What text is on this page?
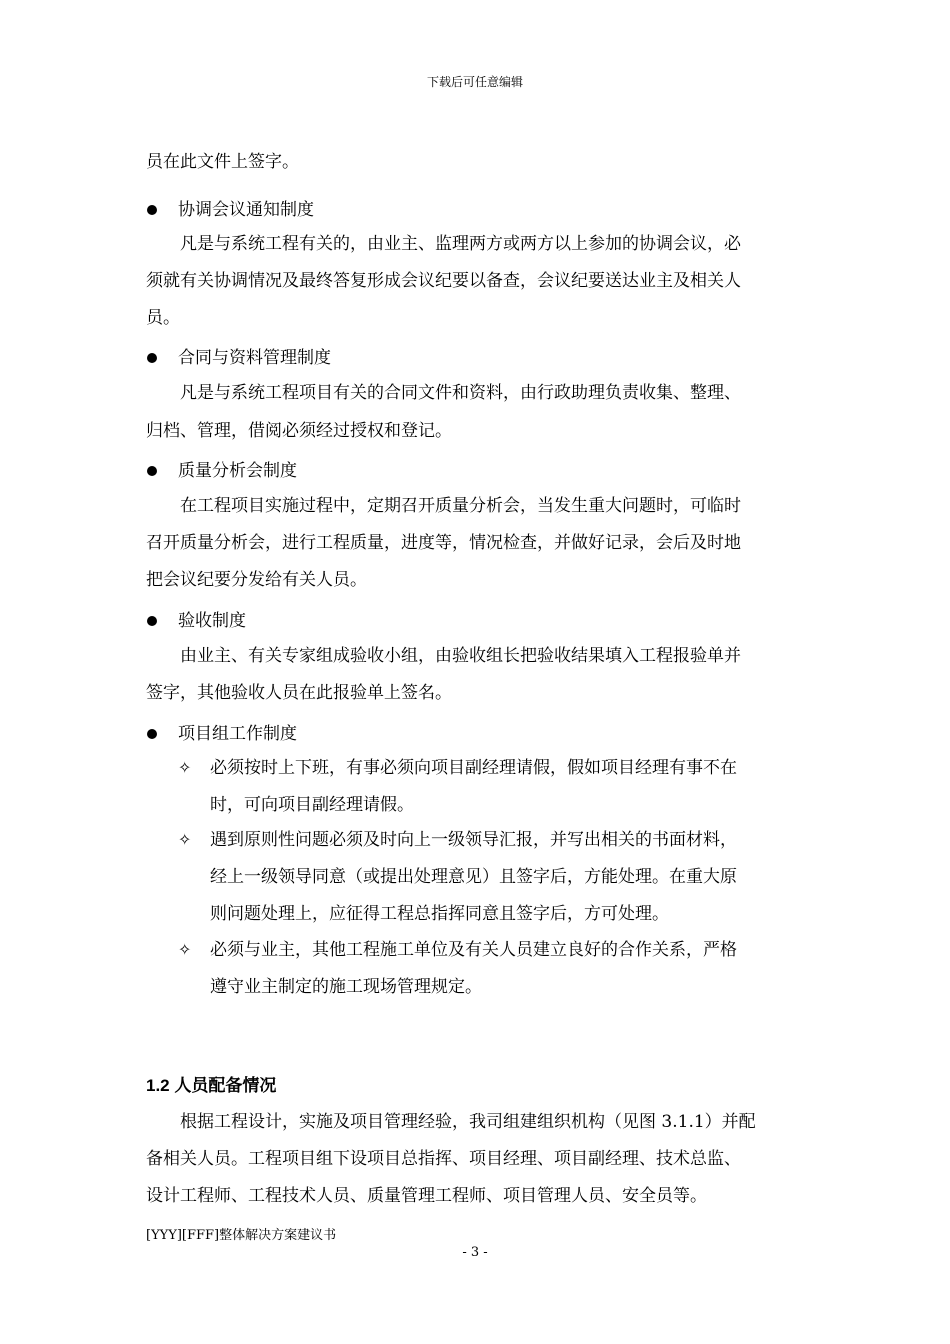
下载后可任意编辑
员在此文件上签字。
协调会议通知制度
凡是与系统工程有关的，由业主、监理两方或两方以上参加的协调会议，必
须就有关协调情况及最终答复形成会议纪要以备查，会议纪要送达业主及相关人
员。
合同与资料管理制度
凡是与系统工程项目有关的合同文件和资料，由行政助理负责收集、整理、
归档、管理，借阅必须经过授权和登记。
质量分析会制度
在工程项目实施过程中，定期召开质量分析会，当发生重大问题时，可临时
召开质量分析会，进行工程质量，进度等，情况检查，并做好记录，会后及时地
把会议纪要分发给有关人员。
验收制度
由业主、有关专家组成验收小组，由验收组长把验收结果填入工程报验单并
签字，其他验收人员在此报验单上签名。
项目组工作制度
✧ 必须按时上下班，有事必须向项目副经理请假，假如项目经理有事不在
时，可向项目副经理请假。
✧ 遇到原则性问题必须及时向上一级领导汇报，并写出相关的书面材料，
经上一级领导同意（或提出处理意见）且签字后，方能处理。在重大原
则问题处理上，应征得工程总指挥同意且签字后，方可处理。
✧ 必须与业主，其他工程施工单位及有关人员建立良好的合作关系，严格
遵守业主制定的施工现场管理规定。
1.2 人员配备情况
根据工程设计，实施及项目管理经验，我司组建组织机构（见图 3.1.1）并配
备相关人员。工程项目组下设项目总指挥、项目经理、项目副经理、技术总监、
设计工程师、工程技术人员、质量管理工程师、项目管理人员、安全员等。
[YYY][FFF]整体解决方案建议书
- 3 -
